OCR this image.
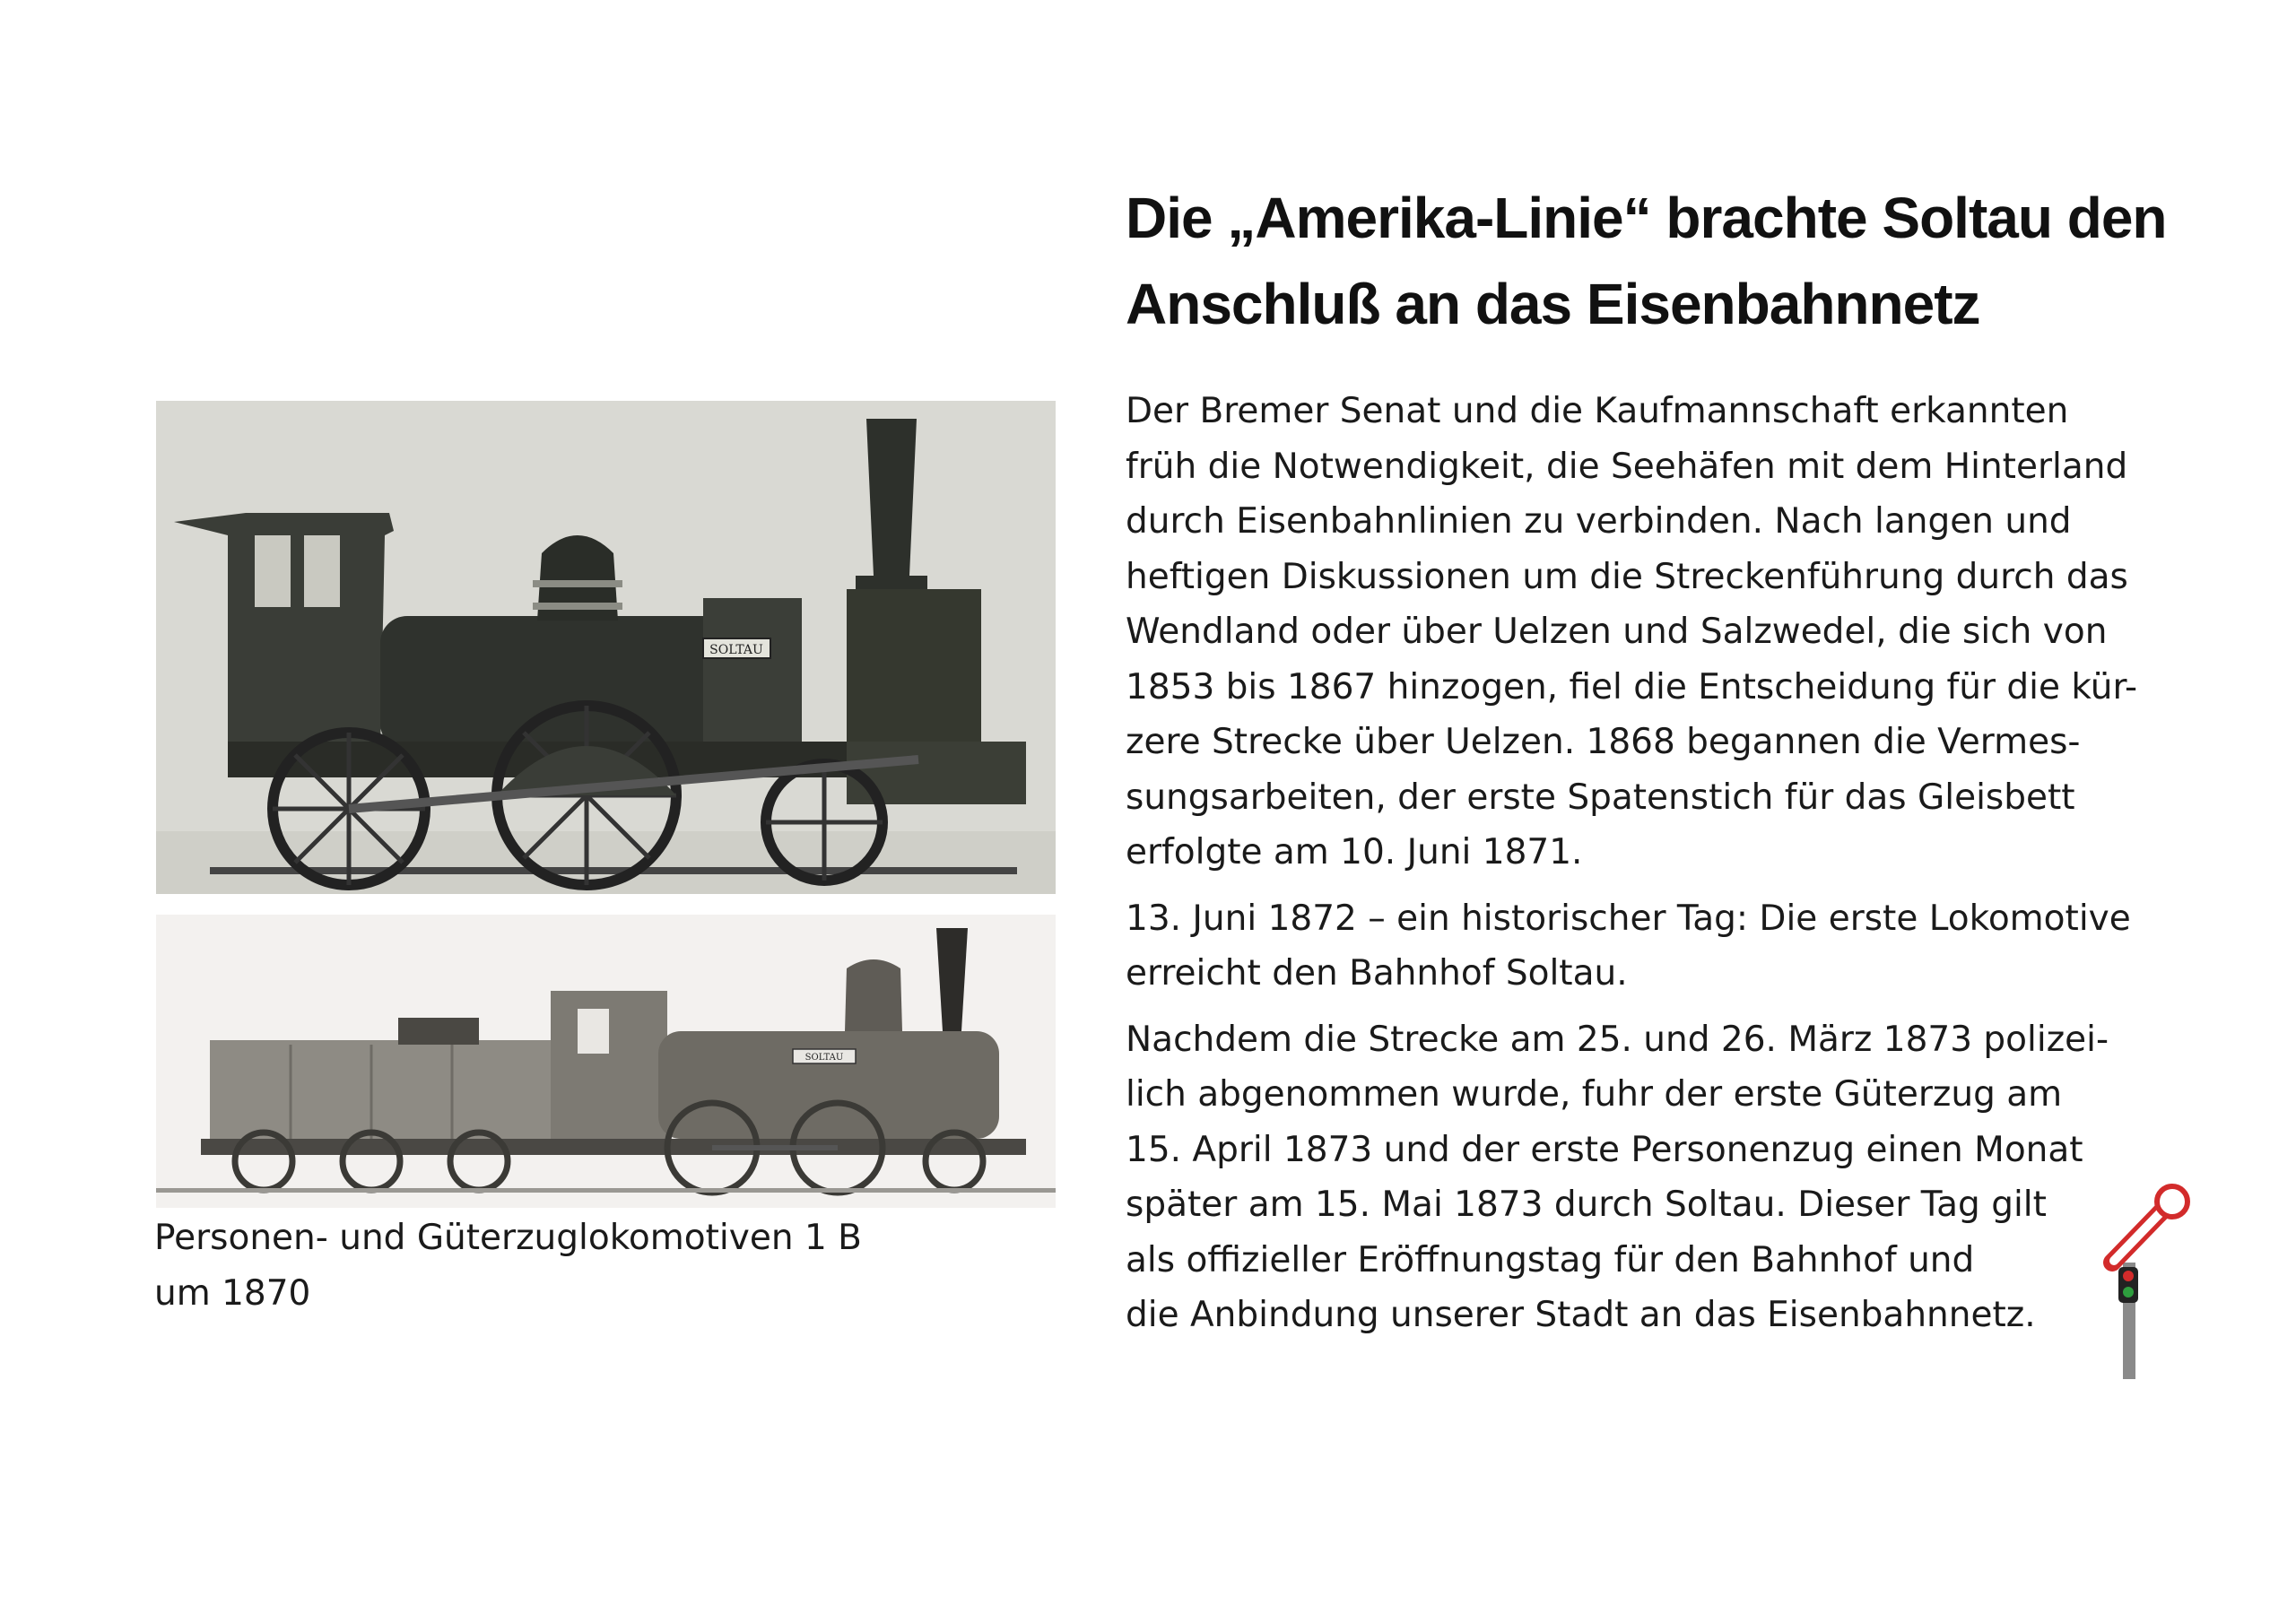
Die „Amerika-Linie“ brachte Soltau den
Anschluß an das Eisenbahnnetz

Der Bremer Senat und die Kaufmannschaft erkannten
früh die Notwendigkeit, die Seehäfen mit dem Hinterland
durch Eisenbahnlinien zu verbinden. Nach langen und
heftigen Diskussionen um die Streckenführung durch das
Wendland oder über Uelzen und Salzwedel, die sich von
1853 bis 1867 hinzogen, fiel die Entscheidung für die kür-
zere Strecke über Uelzen. 1868 begannen die Vermes-
sungsarbeiten, der erste Spatenstich für das Gleisbett
erfolgte am 10. Juni 1871.

13. Juni 1872 – ein historischer Tag: Die erste Lokomotive
erreicht den Bahnhof Soltau.

Nachdem die Strecke am 25. und 26. März 1873 polizei-
lich abgenommen wurde, fuhr der erste Güterzug am
15. April 1873 und der erste Personenzug einen Monat
später am 15. Mai 1873 durch Soltau. Dieser Tag gilt
als offizieller Eröffnungstag für den Bahnhof und
die Anbindung unserer Stadt an das Eisenbahnnetz.

SOLTAU
SOLTAU

Personen- und Güterzuglokomotiven 1 B
um 1870
